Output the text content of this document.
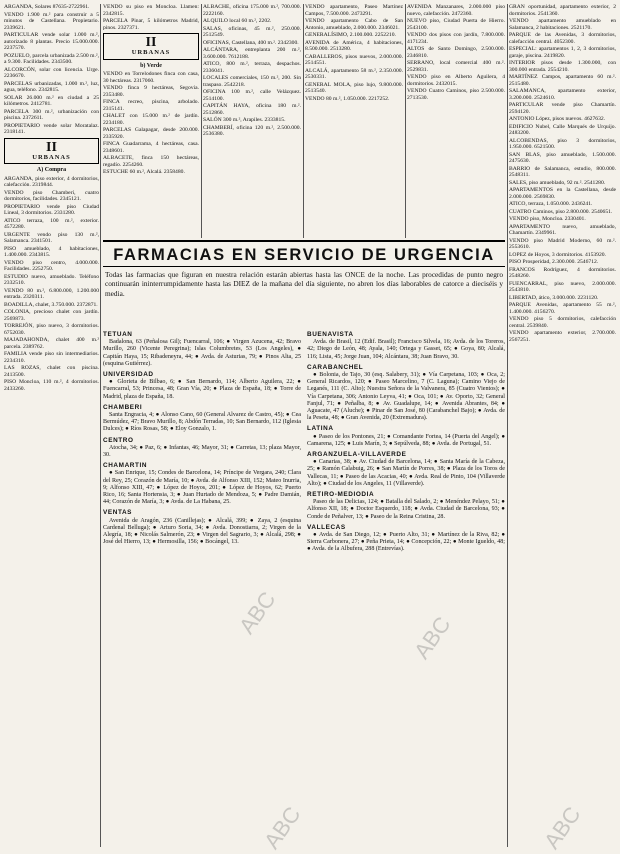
ARGANDA, Solares 87635-2722961.

VENDO 1.900 m.² para construir a 5 minutos de Castellana. Propietario. 2339621.

PARTICULAR vende solar 1.000 m.², autorizado 8 plantas. Precio 15.000.000. 2237570.

POZUELO, parcela urbanizada 2.500 m.², a 9.300. Facilidades. 2343500.

ALCORCÓN, solar con licencia. Urge. 2236670.

PARCELAS urbanizadas, 1.000 m.², luz, agua, teléfono. 2342815.

SOLAR 26.000 m.² en ciudad a 25 kilómetros. 2412781.

PARCELA 300 m.², urbanización con piscina. 2372611.

PROPIETARIO vende solar Moratalaz. 2318141.

II
URBANAS
A) Compra

ARGANDA, piso exterior, 4 dormitorios, calefacción. 2319844.

VENDO piso Chamberí, cuatro dormitorios, facilidades. 2345121.

PROPIETARIO vende piso Ciudad Lineal, 3 dormitorios. 2331280.

ATICO terraza, 100 m.², exterior. 4572280.

URGENTE vendo piso 130 m.², Salamanca. 2341501.

PISO amueblado, 4 habitaciones, 1.400.000. 2343815.

VENDO piso centro, 4.000.000. Facilidades. 2252750.

ESTUDIO nuevo, amueblado. Teléfono 2332510.

VENDO 80 m.², 6.800.000, 1.200.000 entrada. 2320311.

BOADILLA, chalet, 3.750.000. 2372871.

COLONIA, precioso chalet con jardín. 2569873.

TORREJÓN, piso nuevo, 3 dormitorios. 6752030.

MAJADAHONDA, chalet 400 m.² parcela. 2389762.

FAMILIA vende piso sin intermediarios. 2234310.

LAS ROZAS, chalet con piscina. 2413500.

PISO Moncloa, 110 m.², 4 dormitorios. 2433260.

VENDO su piso en Moncloa. Llamen: 2342815.

PARCELA Pinar, 5 kilómetros Madrid, pinos. 2327371.

II
URBANAS
b) Verde

VENDO en Torrelodones finca con casa, 30 hectáreas. 2317060.

VENDO finca 9 hectáreas, Segovia. 2353480.

FINCA recreo, piscina, arbolado. 2315141.

CHALET con 15.000 m.² de jardín. 2234180.

PARCELAS Galapagar, desde 200.000. 2335920.

FINCA Guadarrama, 4 hectáreas, casa. 2348601.

ALBACETE, finca 150 hectáreas, regadío. 2254260.

ESTUCHE 60 m.², Alcalá. 2358480.

ALBACHE, oficina 175.000 m.², 700.000. 2222160.

ALQUILO local 60 m.², 2202.

SALAS, oficinas, 45 m.², 250.000. 2512549.

OFICINAS, Castellana, 400 m.². 2342300.

ALCÁNTARA, entreplanta 200 m.², 3.600.000. 7612188.

ATICO, 800 m.², terraza, despachos. 2336041.

LOCALES comerciales, 150 m.², 200. Sin traspaso. 2542218.

OFICINA 100 m.², calle Velázquez. 2514100.

CAPITÁN HAYA, oficina 180 m.². 2512860.

SALÓN 300 m.², Arapiles. 2333815.

CHAMBERÍ, oficina 120 m.², 2.500.000. 2536380.

VENDO apartamento, Paseo Martínez Campos, 7.500.000. 2473291.

VENDO apartamento Cabo de San Antonio, amueblado, 2.000.000. 2346021.

GENERALÍSIMO, 2.100.000. 2252210.

AVENIDA de América, 4 habitaciones, 8.500.000. 2513280.

CABALLEROS, pisos nuevos, 2.000.000. 2514551.

ALCALÁ, apartamento 58 m.², 2.350.000. 2530331.

GENERAL MOLA, piso lujo, 9.800.000. 2513540.

VENDO 80 m.², 1.050.000. 2217252.

AVENIDA Manzanares, 2.000.000 piso nuevo, calefacción. 2472360.

NUEVO piso, Ciudad Puerta de Hierro. 2543100.

VENDO dos pisos con jardín, 7.800.000. 4171234.

ALTOS de Santo Domingo, 2.500.000. 2346810.

SERRANO, local comercial 400 m.². 2529831.

VENDO piso en Alberto Aguilera, 4 dormitorios. 2432015.

VENDO Cuatro Caminos, piso 2.500.000. 2713530.

GRAN oportunidad, apartamento exterior, 2 dormitorios. 2541360.

VENDO apartamento amueblado en Salamanca, 2 habitaciones. 2521170.

PARQUE de las Avenidas, 3 dormitorios, calefacción central. 4052300.

ESPECIAL: apartamentos 1, 2, 3 dormitorios, garaje, piscina. 2419820.

INTERIOR pisos desde 1.300.000, con 300.000 entrada. 2554210.

MARTÍNEZ Campos, apartamento 60 m.². 2515480.

SALAMANCA, apartamento exterior, 3.200.000. 2524610.

PARTICULAR vende piso Chamartín. 2594120.

ANTONIO López, pisos nuevos. 4627632.

EDIFICIO Nubel, Calle Marqués de Urquijo. 2483200.

ALCOBENDAS, piso 3 dormitorios, 1.950.000. 6521500.

SAN BLAS, piso amueblado, 1.500.000. 2475630.

BARRIO de Salamanca, estudio, 800.000. 2548311.

SALES, piso amueblado, 92 m.². 2541280.

APARTAMENTOS en la Castellana, desde 2.000.000. 2569830.

ATICO, terraza, 1.050.000. 2436241.

CUATRO Caminos, piso 2.800.000. 2540651.

VENDO piso, Moncloa. 2330401.

APARTAMENTO nuevo, amueblado, Chamartín. 2349961.

VENDO piso Madrid Moderno, 60 m.². 2553610.

LOPEZ de Hoyos, 3 dormitorios. 4153920.

PISO Prosperidad, 2.300.000. 2546712.

FRANCOS Rodríguez, 4 dormitorios. 2548260.

FUENCARRAL, piso nuevo, 2.000.000. 2543810.

LIBERTAD, ático, 3.000.000. 2231120.

PARQUE Avenidas, apartamento 55 m.², 1.400.000. 4156270.

VENDO piso 5 dormitorios, calefacción central. 2539840.

VENDO apartamento exterior, 2.700.000. 2567251.

FARMACIAS EN SERVICIO DE URGENCIA
Todas las farmacias que figuran en nuestra relación estarán abiertas hasta las ONCE de la noche. Las procedidas de punto negro continuarán ininterrumpidamente hasta las DIEZ de la mañana del día siguiente, no abren los días laborables de catorce a dieciséis y media.
TETUAN

Badalona, 63 (Peñalosa Gil); Fuencarral, 106; ● Virgen Azucena, 42; Bravo Murillo, 260 (Vicente Peregrina); Islas Columbretes, 53 (Los Angeles), ● Capitán Haya, 15; Ribadeneyra, 44; ● Avda. de Asturias, 79; ● Pinos Alta, 25 (esquina Gutiérrez).

UNIVERSIDAD

● Glorieta de Bilbao, 6; ● San Bernardo, 114; Alberto Aguilera, 22; ● Fuencarral, 53; Princesa, 48; Gran Vía, 20; ● Plaza de España, 18; ● Torre de Madrid, plaza de España, 18.

CHAMBERI

Santa Engracia, 4; ● Alonso Cano, 60 (General Alvarez de Castro, 45); ● Cea Bermúdez, 47; Bravo Murillo, 8; Abdón Terradas, 10; San Bernardo, 112 (Iglesia Dulces); ● Ríos Rosas, 58; ● Eloy Gonzalo, 1.

CENTRO

Atocha, 34; ● Paz, 6; ● Infantas, 46; Mayor, 31; ● Carretas, 13; plaza Mayor, 30.

CHAMARTIN

● San Enrique, 15; Condes de Barcelona, 14; Príncipe de Vergara, 240; Clara del Rey, 25; Corazón de María, 10; ● Avda. de Alfonso XIII, 152; Mateo Inurria, 9; Alfonso XIII, 47; ● López de Hoyos, 201; ● López de Hoyos, 62; Puerto Rico, 16; Santa Hortensia, 3; ● Juan Hurtado de Mendoza, 5; ● Padre Damián, 44; Corazón de María, 3; ● Avda. de La Habana, 25.

VENTAS

Avenida de Aragón, 236 (Canillejas); ● Alcalá, 399; ● Zaya, 2 (esquina Cardenal Belluga); ● Arturo Soria, 34; ● Avda. Donostiarra, 2; Virgen de la Alegría, 18; ● Nicolás Salmerón, 23; ● Virgen del Sagrario, 3; ● Alcalá, 298; ● José del Hierro, 13; ● Hermosilla, 156; ● Bocángel, 13.

BUENAVISTA

Avda. de Brasil, 12 (Edif. Brasil); Francisco Silvela, 16; Avda. de los Toreros, 42; Diego de León, 48; Ayala, 140; Ortega y Gasset, 65; ● Goya, 80; Alcalá, 116; Lista, 45; Jorge Juan, 104; Alcántara, 38; Juan Bravo, 30.

CARABANCHEL

● Bolonia, de Tajo, 30 (esq. Salabery, 31); ● Vía Carpetana, 103; ● Oca, 2; General Ricardos, 120; ● Paseo Marcelino, 7 (C. Laguna); Camino Viejo de Leganés, 111 (C. Alto); Nuestra Señora de la Valvanera, 85 (Cuatro Vientos); ● Vía Carpetana, 306; Antonio Leyva, 41; ● Oca, 101; ● Av. Oporto, 32; General Fanjul, 71; ● Peñalba, 8; ● Av. Guadalupe, 14; ● Avenida Abrantes, 84; ● Aguacate, 47 (Aluche); ● Pinar de San José, 80 (Carabanchel Bajo); ● Avda. de la Peseta, 48; ● Gran Avenida, 20 (Extremadura).

LATINA

● Paseo de los Pontones, 21; ● Comandante Fortea, 14 (Puerta del Angel); ● Camarena, 125; ● Luis Marín, 3; ● Sepúlveda, 88; ● Avda. de Portugal, 51.

ARGANZUELA-VILLAVERDE

● Canarias, 38; ● Av. Ciudad de Barcelona, 14; ● Santa María de la Cabeza, 25; ● Ramón Calabuig, 26; ● San Martín de Porres, 38; ● Plaza de los Toros de Vallecas, 11; ● Paseo de las Acacias, 40; ● Avda. Real de Pinto, 104 (Villaverde Alto); ● Ciudad de los Angeles, 11 (Villaverde).

RETIRO-MEDIODIA

Paseo de las Delicias, 124; ● Batalla del Salado, 2; ● Menéndez Pelayo, 51; ● Alfonso XII, 18; ● Doctor Esquerdo, 118; ● Avda. Ciudad de Barcelona, 93; ● Conde de Peñalver, 13; ● Paseo de la Reina Cristina, 28.

VALLECAS

● Avda. de San Diego, 12; ● Puerto Alto, 31; ● Martínez de la Riva, 82; ● Sierra Carbonera, 27; ● Peña Prieta, 14; ● Concepción, 22; ● Monte Igueldo, 48; ● Avda. de la Albufera, 288 (Entrevías).

ABC	ABC
ABC	ABC
